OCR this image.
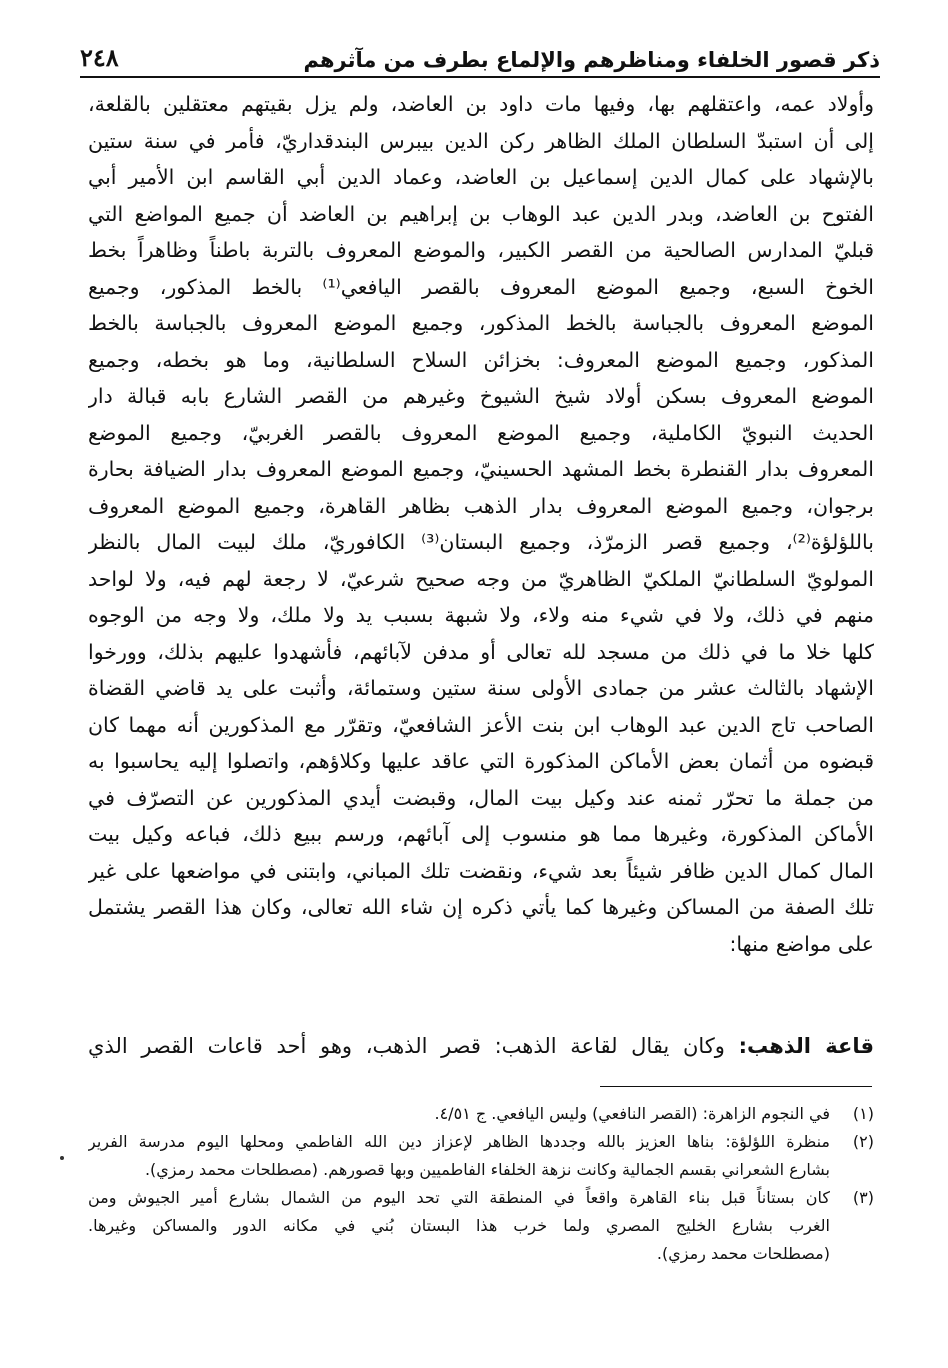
٢٤٨	ذكر قصور الخلفاء ومناظرهم والإلماع بطرف من مآثرهم
وأولاد عمه، واعتقلهم بها، وفيها مات داود بن العاضد، ولم يزل بقيتهم معتقلين بالقلعة،
إلى أن استبدّ السلطان الملك الظاهر ركن الدين بيبرس البندقداريّ، فأمر في سنة ستين
بالإشهاد على كمال الدين إسماعيل بن العاضد، وعماد الدين أبي القاسم ابن الأمير أبي
الفتوح بن العاضد، وبدر الدين عبد الوهاب بن إبراهيم بن العاضد أن جميع المواضع التي
قبليّ المدارس الصالحية من القصر الكبير، والموضع المعروف بالتربة باطناً وظاهراً بخط
الخوخ السبع، وجميع الموضع المعروف بالقصر اليافعي⁽¹⁾ بالخط المذكور، وجميع
الموضع المعروف بالجباسة بالخط المذكور، وجميع الموضع المعروف بالجباسة بالخط
المذكور، وجميع الموضع المعروف: بخزائن السلاح السلطانية، وما هو بخطه، وجميع
الموضع المعروف بسكن أولاد شيخ الشيوخ وغيرهم من القصر الشارع بابه قبالة دار
الحديث النبويّ الكاملية، وجميع الموضع المعروف بالقصر الغربيّ، وجميع الموضع
المعروف بدار القنطرة بخط المشهد الحسينيّ، وجميع الموضع المعروف بدار الضيافة بحارة
برجوان، وجميع الموضع المعروف بدار الذهب بظاهر القاهرة، وجميع الموضع المعروف
باللؤلؤة⁽²⁾، وجميع قصر الزمرّذ، وجميع البستان⁽³⁾ الكافوريّ، ملك لبيت المال بالنظر
المولويّ السلطانيّ الملكيّ الظاهريّ من وجه صحيح شرعيّ، لا رجعة لهم فيه، ولا لواحد
منهم في ذلك، ولا في شيء منه ولاء، ولا شبهة بسبب يد ولا ملك، ولا وجه من الوجوه
كلها خلا ما في ذلك من مسجد لله تعالى أو مدفن لآبائهم، فأشهدوا عليهم بذلك، وورخوا
الإشهاد بالثالث عشر من جمادى الأولى سنة ستين وستمائة، وأثبت على يد قاضي القضاة
الصاحب تاج الدين عبد الوهاب ابن بنت الأعز الشافعيّ، وتقرّر مع المذكورين أنه مهما كان
قبضوه من أثمان بعض الأماكن المذكورة التي عاقد عليها وكلاؤهم، واتصلوا إليه يحاسبوا به
من جملة ما تحرّر ثمنه عند وكيل بيت المال، وقبضت أيدي المذكورين عن التصرّف في
الأماكن المذكورة، وغيرها مما هو منسوب إلى آبائهم، ورسم ببيع ذلك، فباعه وكيل بيت
المال كمال الدين ظافر شيئاً بعد شيء، ونقضت تلك المباني، وابتنى في مواضعها على غير
تلك الصفة من المساكن وغيرها كما يأتي ذكره إن شاء الله تعالى، وكان هذا القصر يشتمل
على مواضع منها:
قاعة الذهب: وكان يقال لقاعة الذهب: قصر الذهب، وهو أحد قاعات القصر الذي
(١)
في النجوم الزاهرة: (القصر النافعي) وليس اليافعي. ج ٤/٥١.
(٢)
منظرة اللؤلؤة: بناها العزيز بالله وجددها الظاهر لإعزاز دين الله الفاطمي ومحلها اليوم مدرسة الفرير
بشارع الشعراني بقسم الجمالية وكانت نزهة الخلفاء الفاطميين وبها قصورهم. (مصطلحات محمد رمزي).
(٣)
كان بستاناً قبل بناء القاهرة واقعاً في المنطقة التي تحد اليوم من الشمال بشارع أمير الجيوش ومن
الغرب بشارع الخليج المصري ولما خرب هذا البستان بُني في مكانه الدور والمساكن وغيرها.
(مصطلحات محمد رمزي).
